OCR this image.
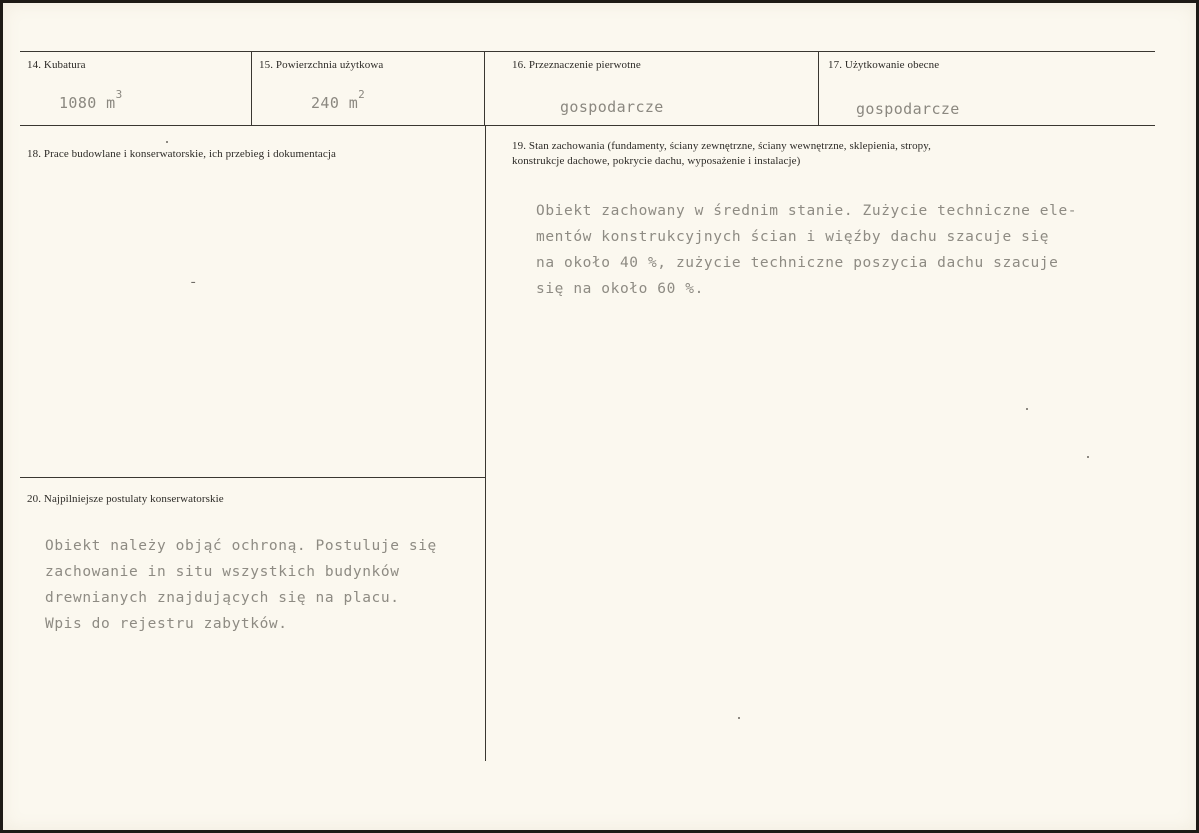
14. Kubatura
1080 $m^3$
15. Powierzchnia użytkowa
240 $m^2$
16. Przeznaczenie pierwotne
gospodarcze
17. Użytkowanie obecne
gospodarcze
18. Prace budowlane i konserwatorskie, ich przebieg i dokumentacja
-
19. Stan zachowania (fundamenty, ściany zewnętrzne, ściany wewnętrzne, sklepienia, stropy,
konstrukcje dachowe, pokrycie dachu, wyposażenie i instalacje)
Obiekt zachowany w średnim stanie. Zużycie techniczne ele-
mentów konstrukcyjnych ścian i więźby dachu szacuje się
na około 40 %, zużycie techniczne poszycia dachu szacuje
się na około 60 %.
20. Najpilniejsze postulaty konserwatorskie
Obiekt należy objąć ochroną. Postuluje się
zachowanie in situ wszystkich budynków
drewnianych znajdujących się na placu.
Wpis do rejestru zabytków.
